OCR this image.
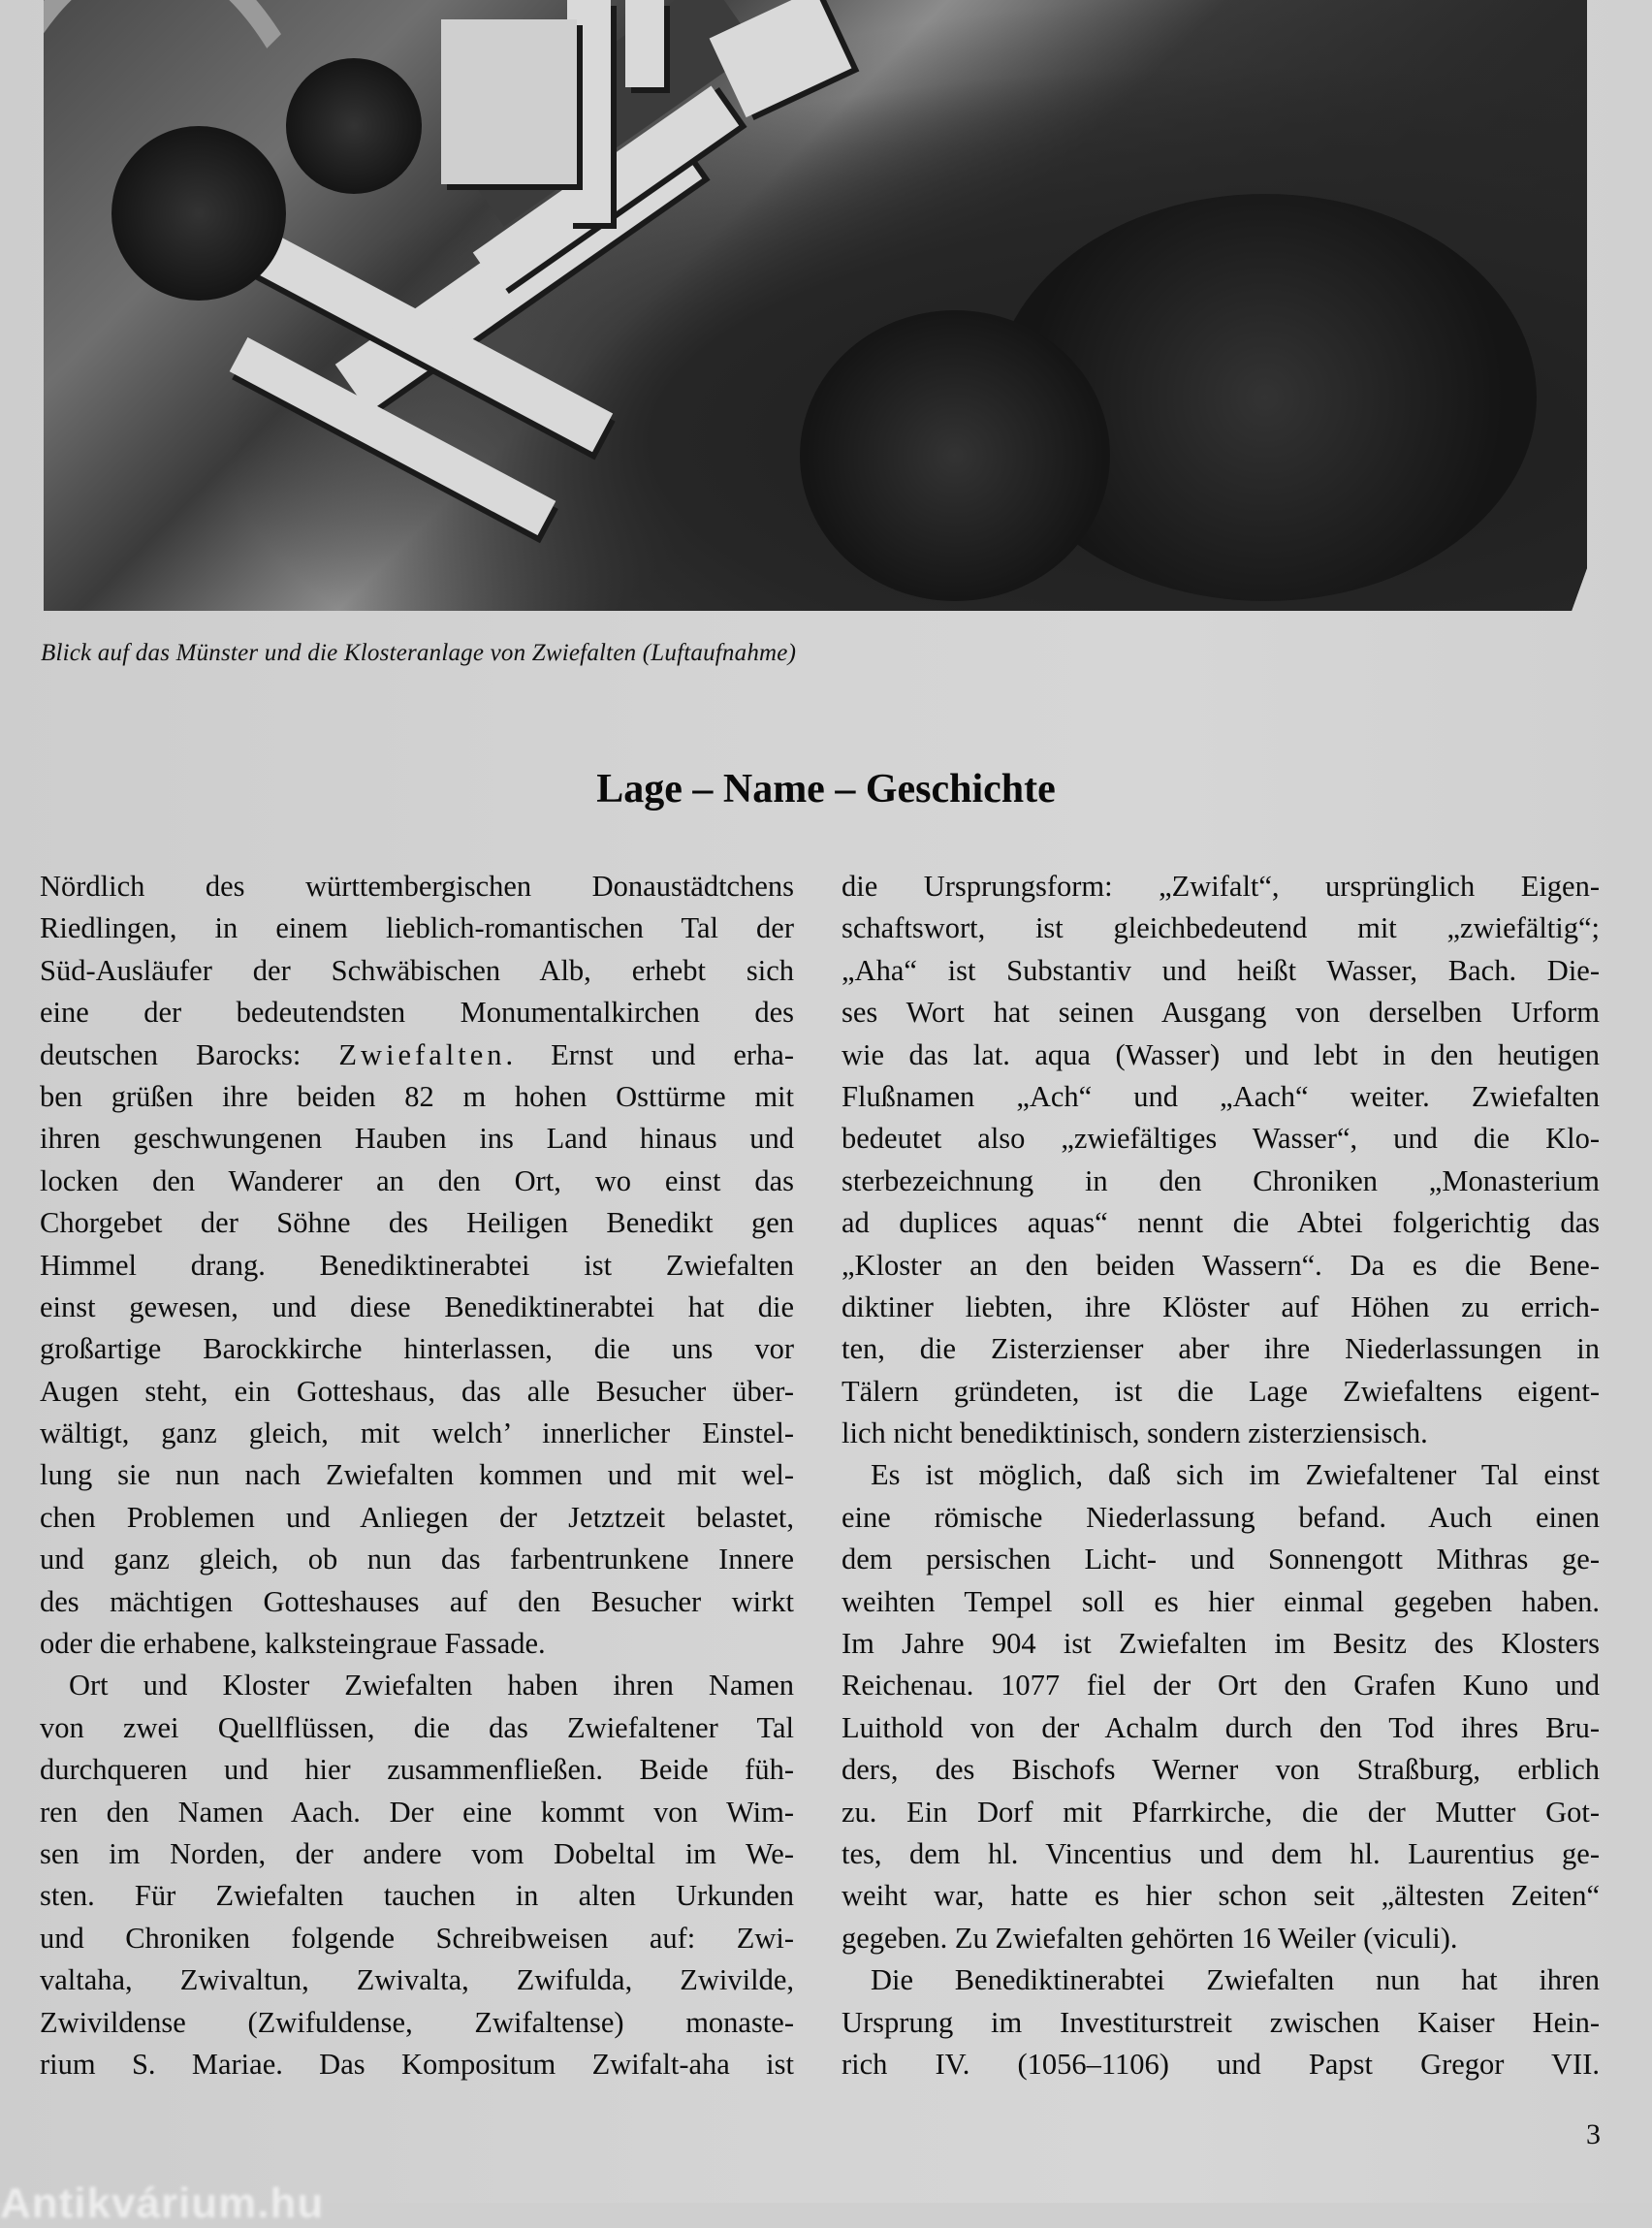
Blick auf das Münster und die Klosteranlage von Zwiefalten (Luftaufnahme)
Lage – Name – Geschichte
Nördlich des württembergischen Donaustädtchens
Riedlingen, in einem lieblich-romantischen Tal der
Süd-Ausläufer der Schwäbischen Alb, erhebt sich
eine der bedeutendsten Monumentalkirchen des
deutschen Barocks: Zwiefalten. Ernst und erha-
ben grüßen ihre beiden 82 m hohen Osttürme mit
ihren geschwungenen Hauben ins Land hinaus und
locken den Wanderer an den Ort, wo einst das
Chorgebet der Söhne des Heiligen Benedikt gen
Himmel drang. Benediktinerabtei ist Zwiefalten
einst gewesen, und diese Benediktinerabtei hat die
großartige Barockkirche hinterlassen, die uns vor
Augen steht, ein Gotteshaus, das alle Besucher über-
wältigt, ganz gleich, mit welch’ innerlicher Einstel-
lung sie nun nach Zwiefalten kommen und mit wel-
chen Problemen und Anliegen der Jetztzeit belastet,
und ganz gleich, ob nun das farbentrunkene Innere
des mächtigen Gotteshauses auf den Besucher wirkt
oder die erhabene, kalksteingraue Fassade.
Ort und Kloster Zwiefalten haben ihren Namen
von zwei Quellflüssen, die das Zwiefaltener Tal
durchqueren und hier zusammenfließen. Beide füh-
ren den Namen Aach. Der eine kommt von Wim-
sen im Norden, der andere vom Dobeltal im We-
sten. Für Zwiefalten tauchen in alten Urkunden
und Chroniken folgende Schreibweisen auf: Zwi-
valtaha, Zwivaltun, Zwivalta, Zwifulda, Zwivilde,
Zwivildense (Zwifuldense, Zwifaltense) monaste-
rium S. Mariae. Das Kompositum Zwifalt-aha ist
die Ursprungsform: „Zwifalt“, ursprünglich Eigen-
schaftswort, ist gleichbedeutend mit „zwiefältig“;
„Aha“ ist Substantiv und heißt Wasser, Bach. Die-
ses Wort hat seinen Ausgang von derselben Urform
wie das lat. aqua (Wasser) und lebt in den heutigen
Flußnamen „Ach“ und „Aach“ weiter. Zwiefalten
bedeutet also „zwiefältiges Wasser“, und die Klo-
sterbezeichnung in den Chroniken „Monasterium
ad duplices aquas“ nennt die Abtei folgerichtig das
„Kloster an den beiden Wassern“. Da es die Bene-
diktiner liebten, ihre Klöster auf Höhen zu errich-
ten, die Zisterzienser aber ihre Niederlassungen in
Tälern gründeten, ist die Lage Zwiefaltens eigent-
lich nicht benediktinisch, sondern zisterziensisch.
Es ist möglich, daß sich im Zwiefaltener Tal einst
eine römische Niederlassung befand. Auch einen
dem persischen Licht- und Sonnengott Mithras ge-
weihten Tempel soll es hier einmal gegeben haben.
Im Jahre 904 ist Zwiefalten im Besitz des Klosters
Reichenau. 1077 fiel der Ort den Grafen Kuno und
Luithold von der Achalm durch den Tod ihres Bru-
ders, des Bischofs Werner von Straßburg, erblich
zu. Ein Dorf mit Pfarrkirche, die der Mutter Got-
tes, dem hl. Vincentius und dem hl. Laurentius ge-
weiht war, hatte es hier schon seit „ältesten Zeiten“
gegeben. Zu Zwiefalten gehörten 16 Weiler (viculi).
Die Benediktinerabtei Zwiefalten nun hat ihren
Ursprung im Investiturstreit zwischen Kaiser Hein-
rich IV. (1056–1106) und Papst Gregor VII.
3
Antikvárium.hu
